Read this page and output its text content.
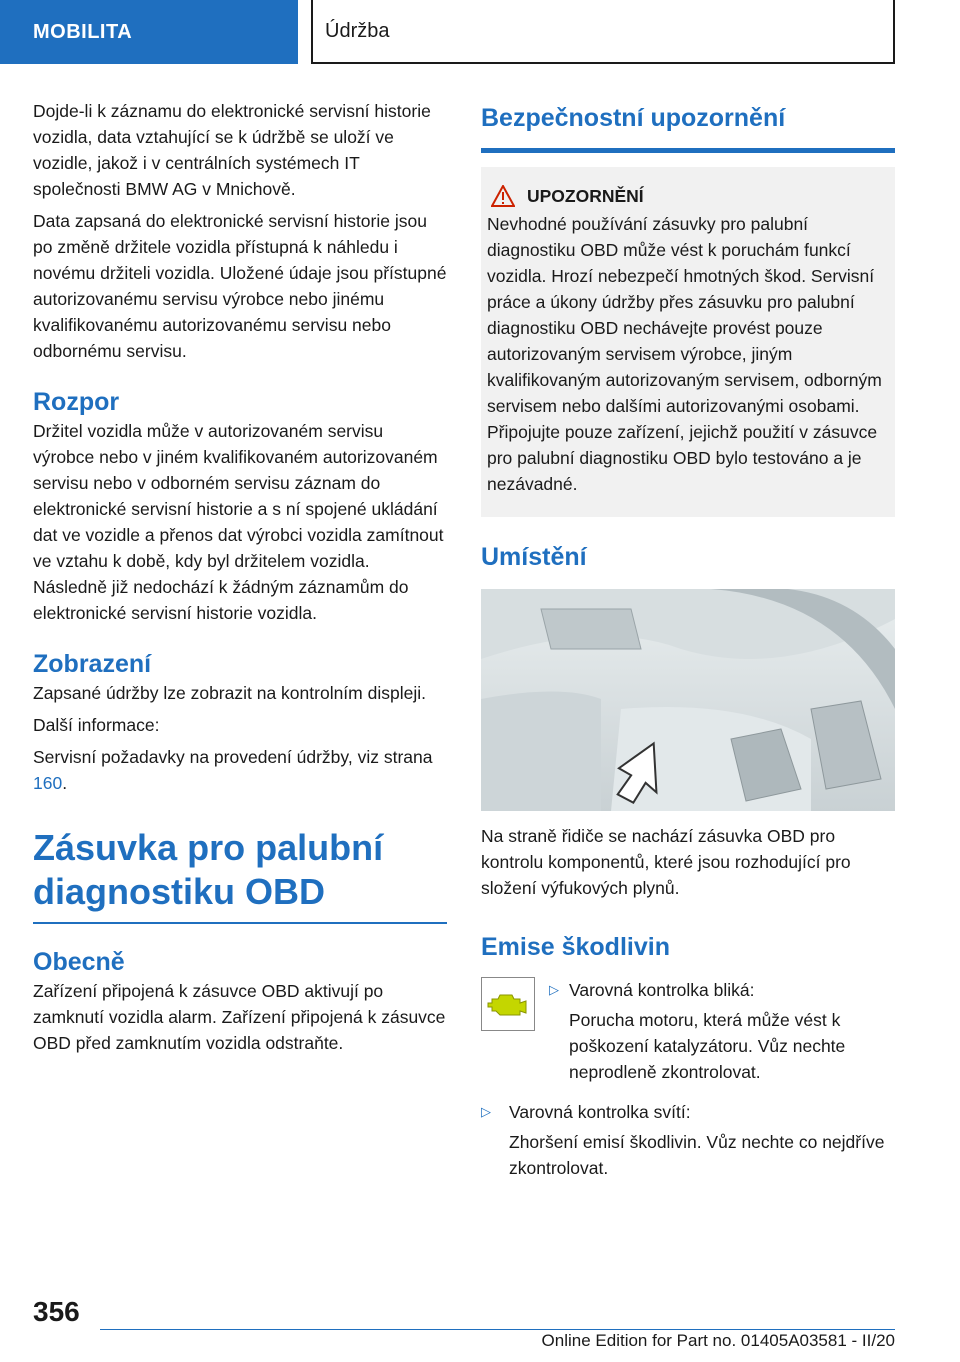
MOBILITA	Údržba

Dojde-li k záznamu do elektronické servisní historie vozidla, data vztahující se k údržbě se uloží ve vozidle, jakož i v centrálních systémech IT společnosti BMW AG v Mnichově.

Data zapsaná do elektronické servisní historie jsou po změně držitele vozidla přístupná k náhledu i novému držiteli vozidla. Uložené údaje jsou přístupné autorizovanému servisu výrobce nebo jinému kvalifikovanému autorizovanému servisu nebo odbornému servisu.

Rozpor

Držitel vozidla může v autorizovaném servisu výrobce nebo v jiném kvalifikovaném autorizovaném servisu nebo v odborném servisu záznam do elektronické servisní historie a s ní spojené ukládání dat ve vozidle a přenos dat výrobci vozidla zamítnout ve vztahu k době, kdy byl držitelem vozidla. Následně již nedochází k žádným záznamům do elektronické servisní historie vozidla.

Zobrazení

Zapsané údržby lze zobrazit na kontrolním displeji.

Další informace:

Servisní požadavky na provedení údržby, viz strana 160.

Zásuvka pro palubní
diagnostiku OBD
Obecně

Zařízení připojená k zásuvce OBD aktivují po zamknutí vozidla alarm. Zařízení připojená k zásuvce OBD před zamknutím vozidla odstraňte.

Bezpečnostní upozornění
UPOZORNĚNÍ

Nevhodné používání zásuvky pro palubní diagnostiku OBD může vést k poruchám funkcí vozidla. Hrozí nebezpečí hmotných škod. Servisní práce a úkony údržby přes zásuvku pro palubní diagnostiku OBD nechávejte provést pouze autorizovaným servisem výrobce, jiným kvalifikovaným autorizovaným servisem, odborným servisem nebo dalšími autorizovanými osobami. Připojujte pouze zařízení, jejichž použití v zásuvce pro palubní diagnostiku OBD bylo testováno a je nezávadné.

Umístění

Na straně řidiče se nachází zásuvka OBD pro kontrolu komponentů, které jsou rozhodující pro složení výfukových plynů.

Emise škodlivin
▷ Varovná kontrolka bliká:

Porucha motoru, která může vést k poškození katalyzátoru. Vůz nechte neprodleně zkontrolovat.

▷	Varovná kontrolka svítí:

Zhoršení emisí škodlivin. Vůz nechte co nejdříve zkontrolovat.

356
Online Edition for Part no. 01405A03581 - II/20
